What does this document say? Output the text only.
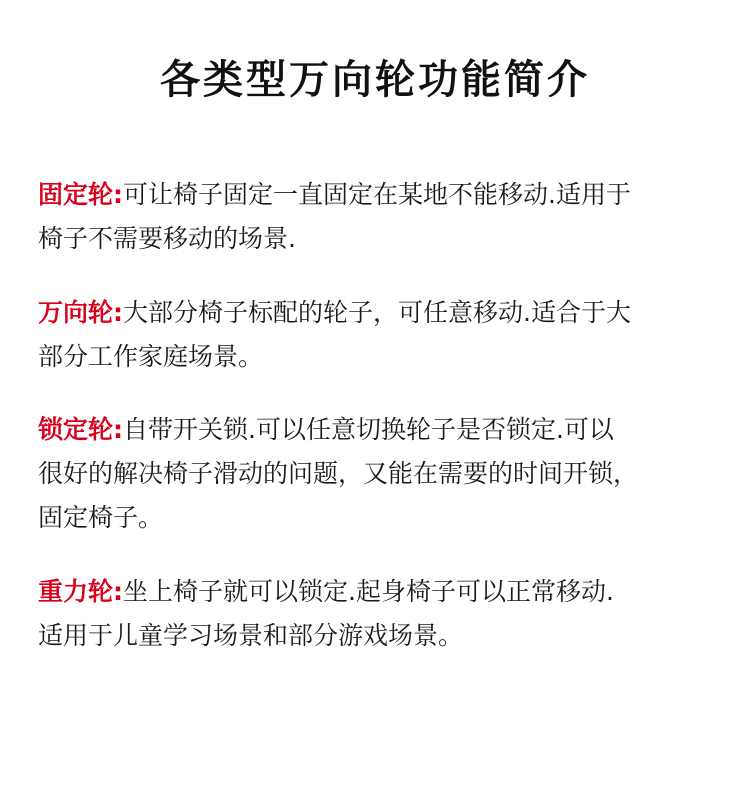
各类型万向轮功能简介
固定轮:可让椅子固定一直固定在某地不能移动.适用于
椅子不需要移动的场景.
万向轮:大部分椅子标配的轮子，可任意移动.适合于大
部分工作家庭场景。
锁定轮:自带开关锁.可以任意切换轮子是否锁定.可以
很好的解决椅子滑动的问题，又能在需要的时间开锁，
固定椅子。
重力轮:坐上椅子就可以锁定.起身椅子可以正常移动.
适用于儿童学习场景和部分游戏场景。
